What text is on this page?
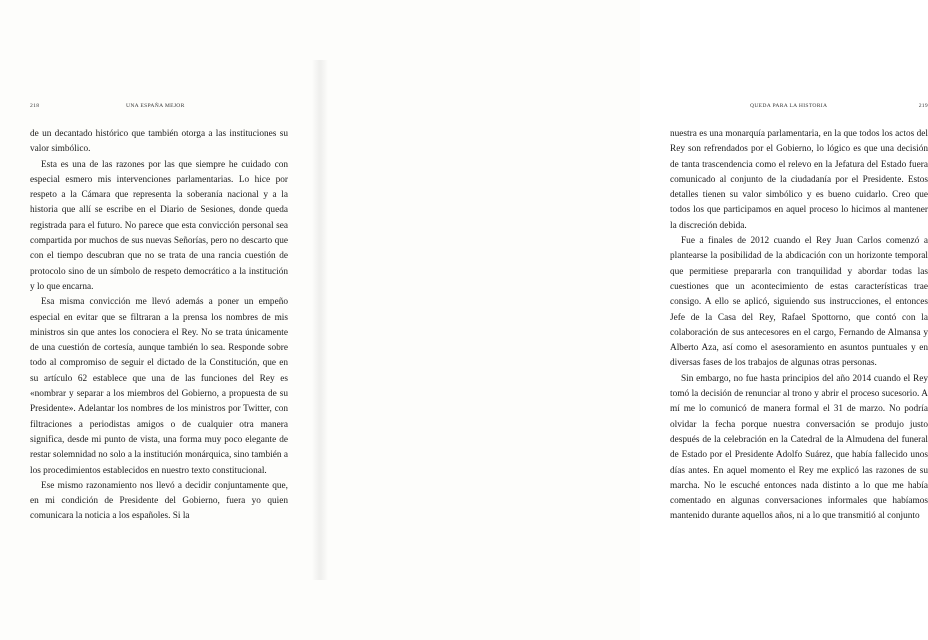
218	UNA ESPAÑA MEJOR

de un decantado histórico que también otorga a las instituciones su valor simbólico.

Esta es una de las razones por las que siempre he cuidado con especial esmero mis intervenciones parlamentarias. Lo hice por respeto a la Cámara que representa la soberanía nacional y a la historia que allí se escribe en el Diario de Sesiones, donde queda registrada para el futuro. No parece que esta convicción personal sea compartida por muchos de sus nuevas Señorías, pero no descarto que con el tiempo descubran que no se trata de una rancia cuestión de protocolo sino de un símbolo de respeto democrático a la institución y lo que encarna.

Esa misma convicción me llevó además a poner un empeño especial en evitar que se filtraran a la prensa los nombres de mis ministros sin que antes los conociera el Rey. No se trata únicamente de una cuestión de cortesía, aunque también lo sea. Responde sobre todo al compromiso de seguir el dictado de la Constitución, que en su artículo 62 establece que una de las funciones del Rey es «nombrar y separar a los miembros del Gobierno, a propuesta de su Presidente». Adelantar los nombres de los ministros por Twitter, con filtraciones a periodistas amigos o de cualquier otra manera significa, desde mi punto de vista, una forma muy poco elegante de restar solemnidad no solo a la institución monárquica, sino también a los procedimientos establecidos en nuestro texto constitucional.

Ese mismo razonamiento nos llevó a decidir conjuntamente que, en mi condición de Presidente del Gobierno, fuera yo quien comunicara la noticia a los españoles. Si la

QUEDA PARA LA HISTORIA	219

nuestra es una monarquía parlamentaria, en la que todos los actos del Rey son refrendados por el Gobierno, lo lógico es que una decisión de tanta trascendencia como el relevo en la Jefatura del Estado fuera comunicado al conjunto de la ciudadanía por el Presidente. Estos detalles tienen su valor simbólico y es bueno cuidarlo. Creo que todos los que participamos en aquel proceso lo hicimos al mantener la discreción debida.

Fue a finales de 2012 cuando el Rey Juan Carlos comenzó a plantearse la posibilidad de la abdicación con un horizonte temporal que permitiese prepararla con tranquilidad y abordar todas las cuestiones que un acontecimiento de estas características trae consigo. A ello se aplicó, siguiendo sus instrucciones, el entonces Jefe de la Casa del Rey, Rafael Spottorno, que contó con la colaboración de sus antecesores en el cargo, Fernando de Almansa y Alberto Aza, así como el asesoramiento en asuntos puntuales y en diversas fases de los trabajos de algunas otras personas.

Sin embargo, no fue hasta principios del año 2014 cuando el Rey tomó la decisión de renunciar al trono y abrir el proceso sucesorio. A mí me lo comunicó de manera formal el 31 de marzo. No podría olvidar la fecha porque nuestra conversación se produjo justo después de la celebración en la Catedral de la Almudena del funeral de Estado por el Presidente Adolfo Suárez, que había fallecido unos días antes. En aquel momento el Rey me explicó las razones de su marcha. No le escuché entonces nada distinto a lo que me había comentado en algunas conversaciones informales que habíamos mantenido durante aquellos años, ni a lo que transmitió al conjunto
